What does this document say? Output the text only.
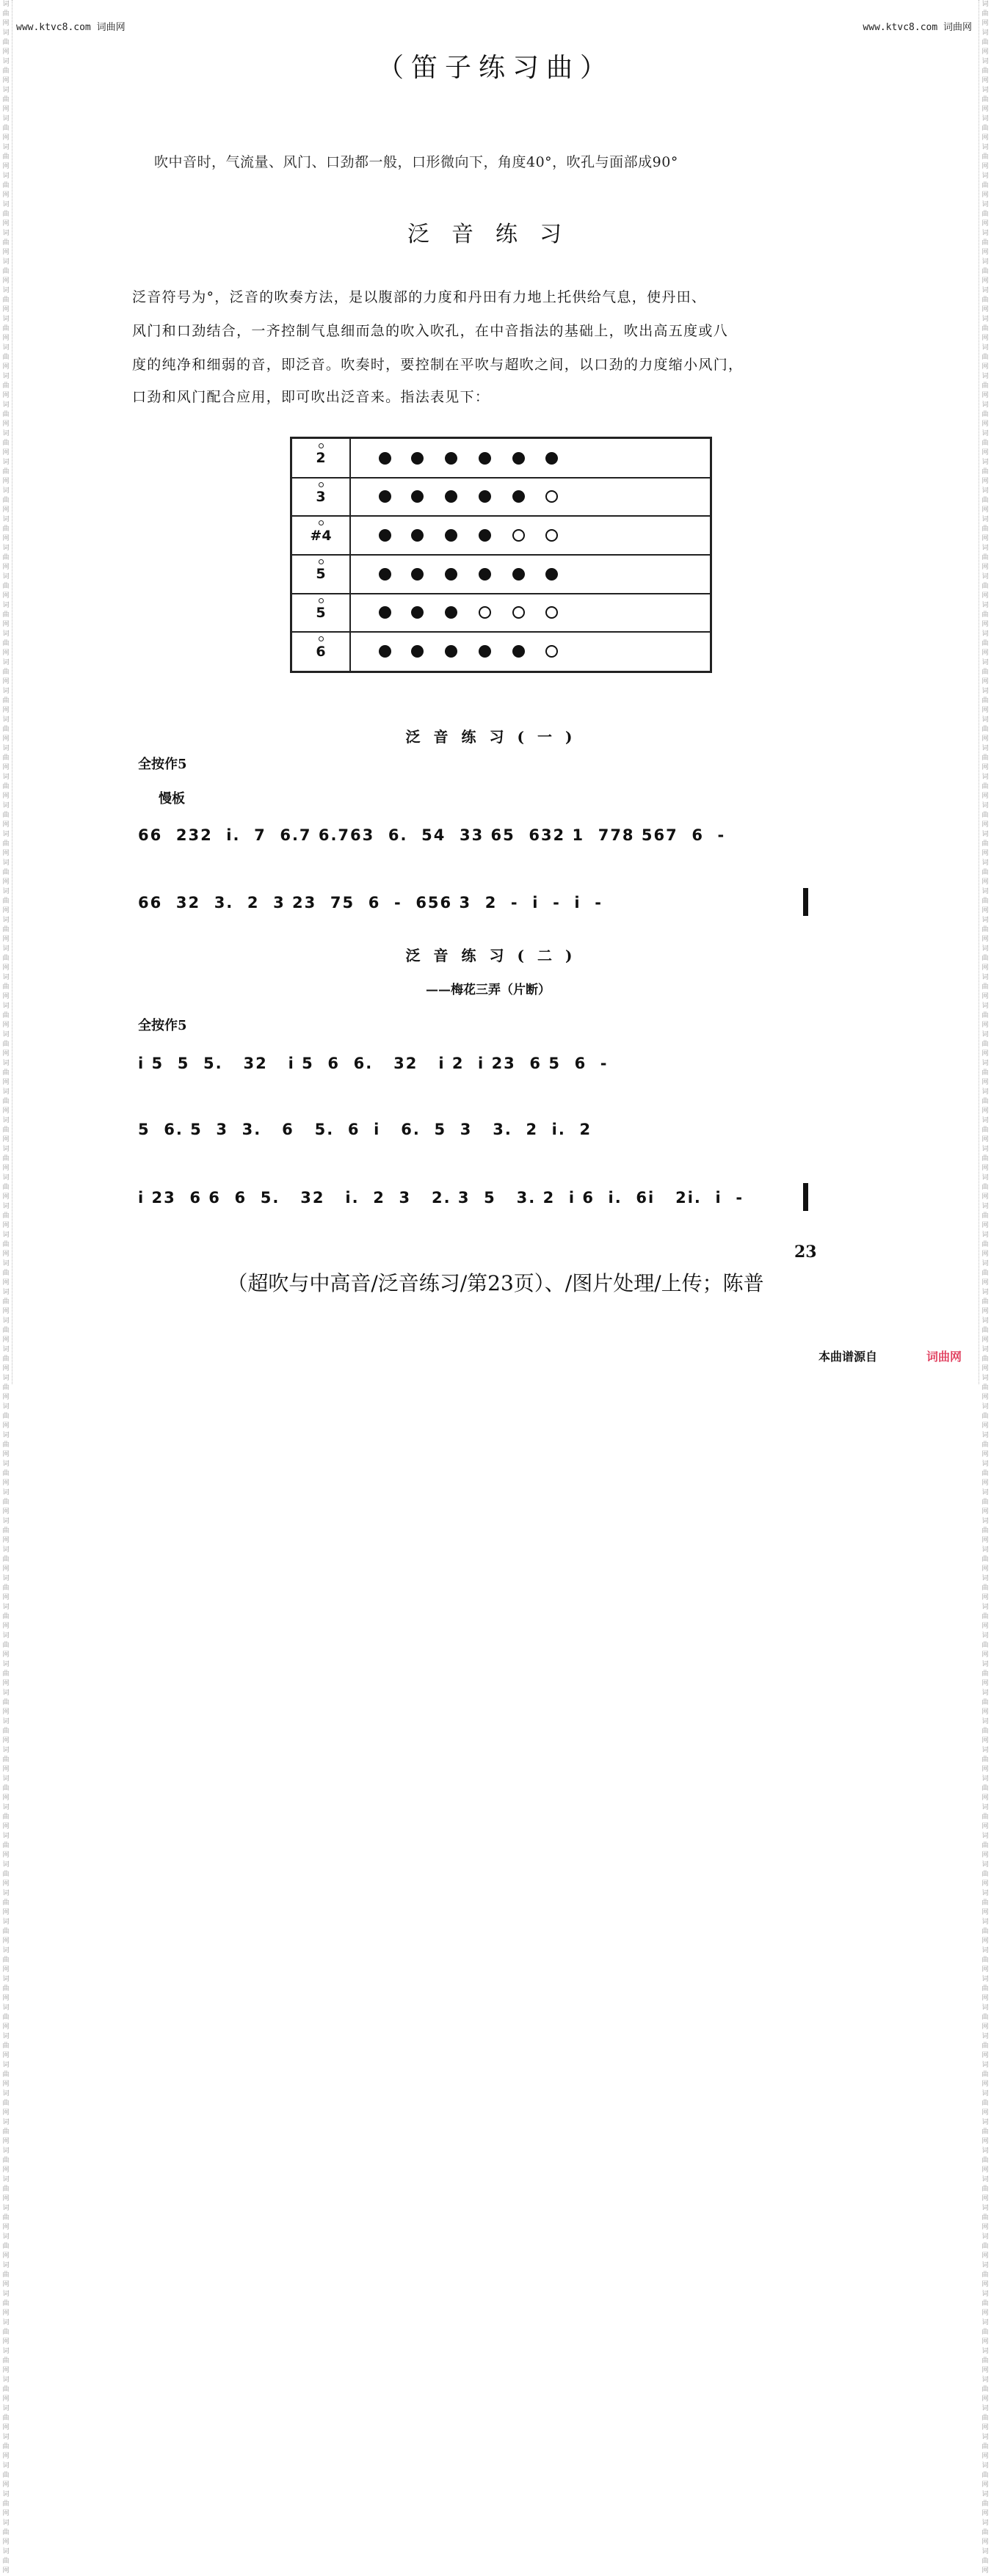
词曲网词曲网词曲网词曲网词曲网词曲网词曲网词曲网词曲网词曲网词曲网词曲网词曲网词曲网词曲网词曲网词曲网词曲网词曲网词曲网词曲网词曲网词曲网词曲网词曲网词曲网词曲网词曲网词曲网词曲网词曲网词曲网词曲网词曲网词曲网词曲网词曲网词曲网词曲网词曲网词曲网词曲网词曲网词曲网词曲网词曲网词曲网词曲网词曲网词曲网词曲网词曲网词曲网词曲网词曲网词曲网词曲网词曲网词曲网词曲网词曲网词曲网词曲网词曲网词曲网词曲网词曲网词曲网词曲网词曲网词曲网词曲网词曲网词曲网词曲网词曲网词曲网词曲网词曲网词曲网词曲网词曲网词曲网词曲网词曲网词曲网词曲网词曲网词曲网词曲网
词曲网词曲网词曲网词曲网词曲网词曲网词曲网词曲网词曲网词曲网词曲网词曲网词曲网词曲网词曲网词曲网词曲网词曲网词曲网词曲网词曲网词曲网词曲网词曲网词曲网词曲网词曲网词曲网词曲网词曲网词曲网词曲网词曲网词曲网词曲网词曲网词曲网词曲网词曲网词曲网词曲网词曲网词曲网词曲网词曲网词曲网词曲网词曲网词曲网词曲网词曲网词曲网词曲网词曲网词曲网词曲网词曲网词曲网词曲网词曲网词曲网词曲网词曲网词曲网词曲网词曲网词曲网词曲网词曲网词曲网词曲网词曲网词曲网词曲网词曲网词曲网词曲网词曲网词曲网词曲网词曲网词曲网词曲网词曲网词曲网词曲网词曲网词曲网词曲网词曲网
www.ktvc8.com 词曲网	www.ktvc8.com 词曲网
（笛子练习曲）
吹中音时，气流量、风门、口劲都一般，口形微向下，角度40°，吹孔与面部成90°
泛音练习
泛音符号为°，泛音的吹奏方法，是以腹部的力度和丹田有力地上托供给气息，使丹田、
风门和口劲结合，一齐控制气息细而急的吹入吹孔，在中音指法的基础上，吹出高五度或八
度的纯净和细弱的音，即泛音。吹奏时，要控制在平吹与超吹之间，以口劲的力度缩小风门，
口劲和风门配合应用，即可吹出泛音来。指法表见下：
2
3
#4
5
5
6
泛音练习(一)
全按作5
慢板
66  232  i.  7  6.7 6.763  6.  54  33 65  632 1  778 567  6  -
66  32  3.  2  3 23  75  6  -  656 3  2  -  i  -  i  -
泛音练习(二)
——梅花三弄（片断）
全按作5
i 5  5  5.   32   i 5  6  6.   32   i 2  i 23  6 5  6  -
5  6. 5  3  3.   6   5.  6  i   6.  5  3   3.  2  i.  2
i 23  6 6  6  5.   32   i.  2  3   2. 3  5   3. 2  i 6  i.  6i   2i.  i  -
23
（超吹与中高音/泛音练习/第23页）、/图片处理/上传；陈普
本曲谱源自	词曲网
